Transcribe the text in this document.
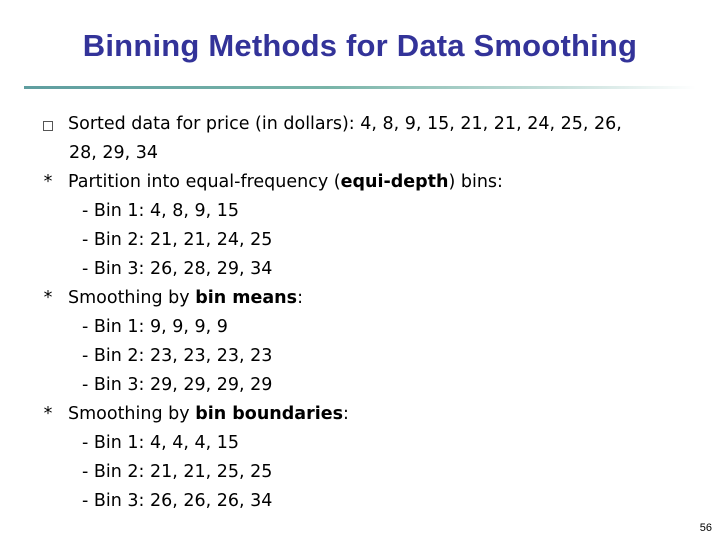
Binning Methods for Data Smoothing
Sorted data for price (in dollars): 4, 8, 9, 15, 21, 21, 24, 25, 26,
28, 29, 34
* Partition into equal-frequency (equi-depth) bins:
- Bin 1: 4, 8, 9, 15
- Bin 2: 21, 21, 24, 25
- Bin 3: 26, 28, 29, 34
* Smoothing by bin means:
- Bin 1: 9, 9, 9, 9
- Bin 2: 23, 23, 23, 23
- Bin 3: 29, 29, 29, 29
* Smoothing by bin boundaries:
- Bin 1: 4, 4, 4, 15
- Bin 2: 21, 21, 25, 25
- Bin 3: 26, 26, 26, 34
56
